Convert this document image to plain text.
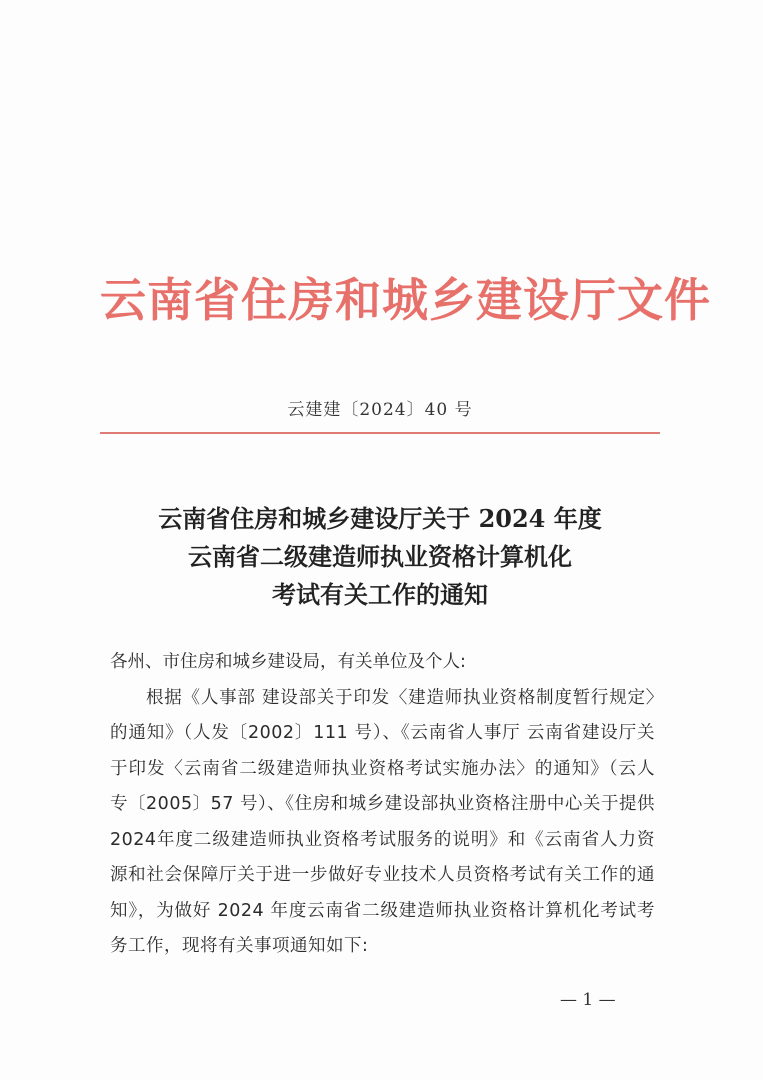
云南省住房和城乡建设厅文件
云建建〔2024〕40 号
云南省住房和城乡建设厅关于 2024 年度
云南省二级建造师执业资格计算机化
考试有关工作的通知
各州、市住房和城乡建设局，有关单位及个人:
根据《人事部 建设部关于印发〈建造师执业资格制度暂行规定〉的通知》（人发〔2002〕111 号）、《云南省人事厅 云南省建设厅关于印发〈云南省二级建造师执业资格考试实施办法〉的通知》（云人专〔2005〕57 号）、《住房和城乡建设部执业资格注册中心关于提供2024年度二级建造师执业资格考试服务的说明》和《云南省人力资源和社会保障厅关于进一步做好专业技术人员资格考试有关工作的通知》，为做好 2024 年度云南省二级建造师执业资格计算机化考试考务工作，现将有关事项通知如下:
— 1 —
